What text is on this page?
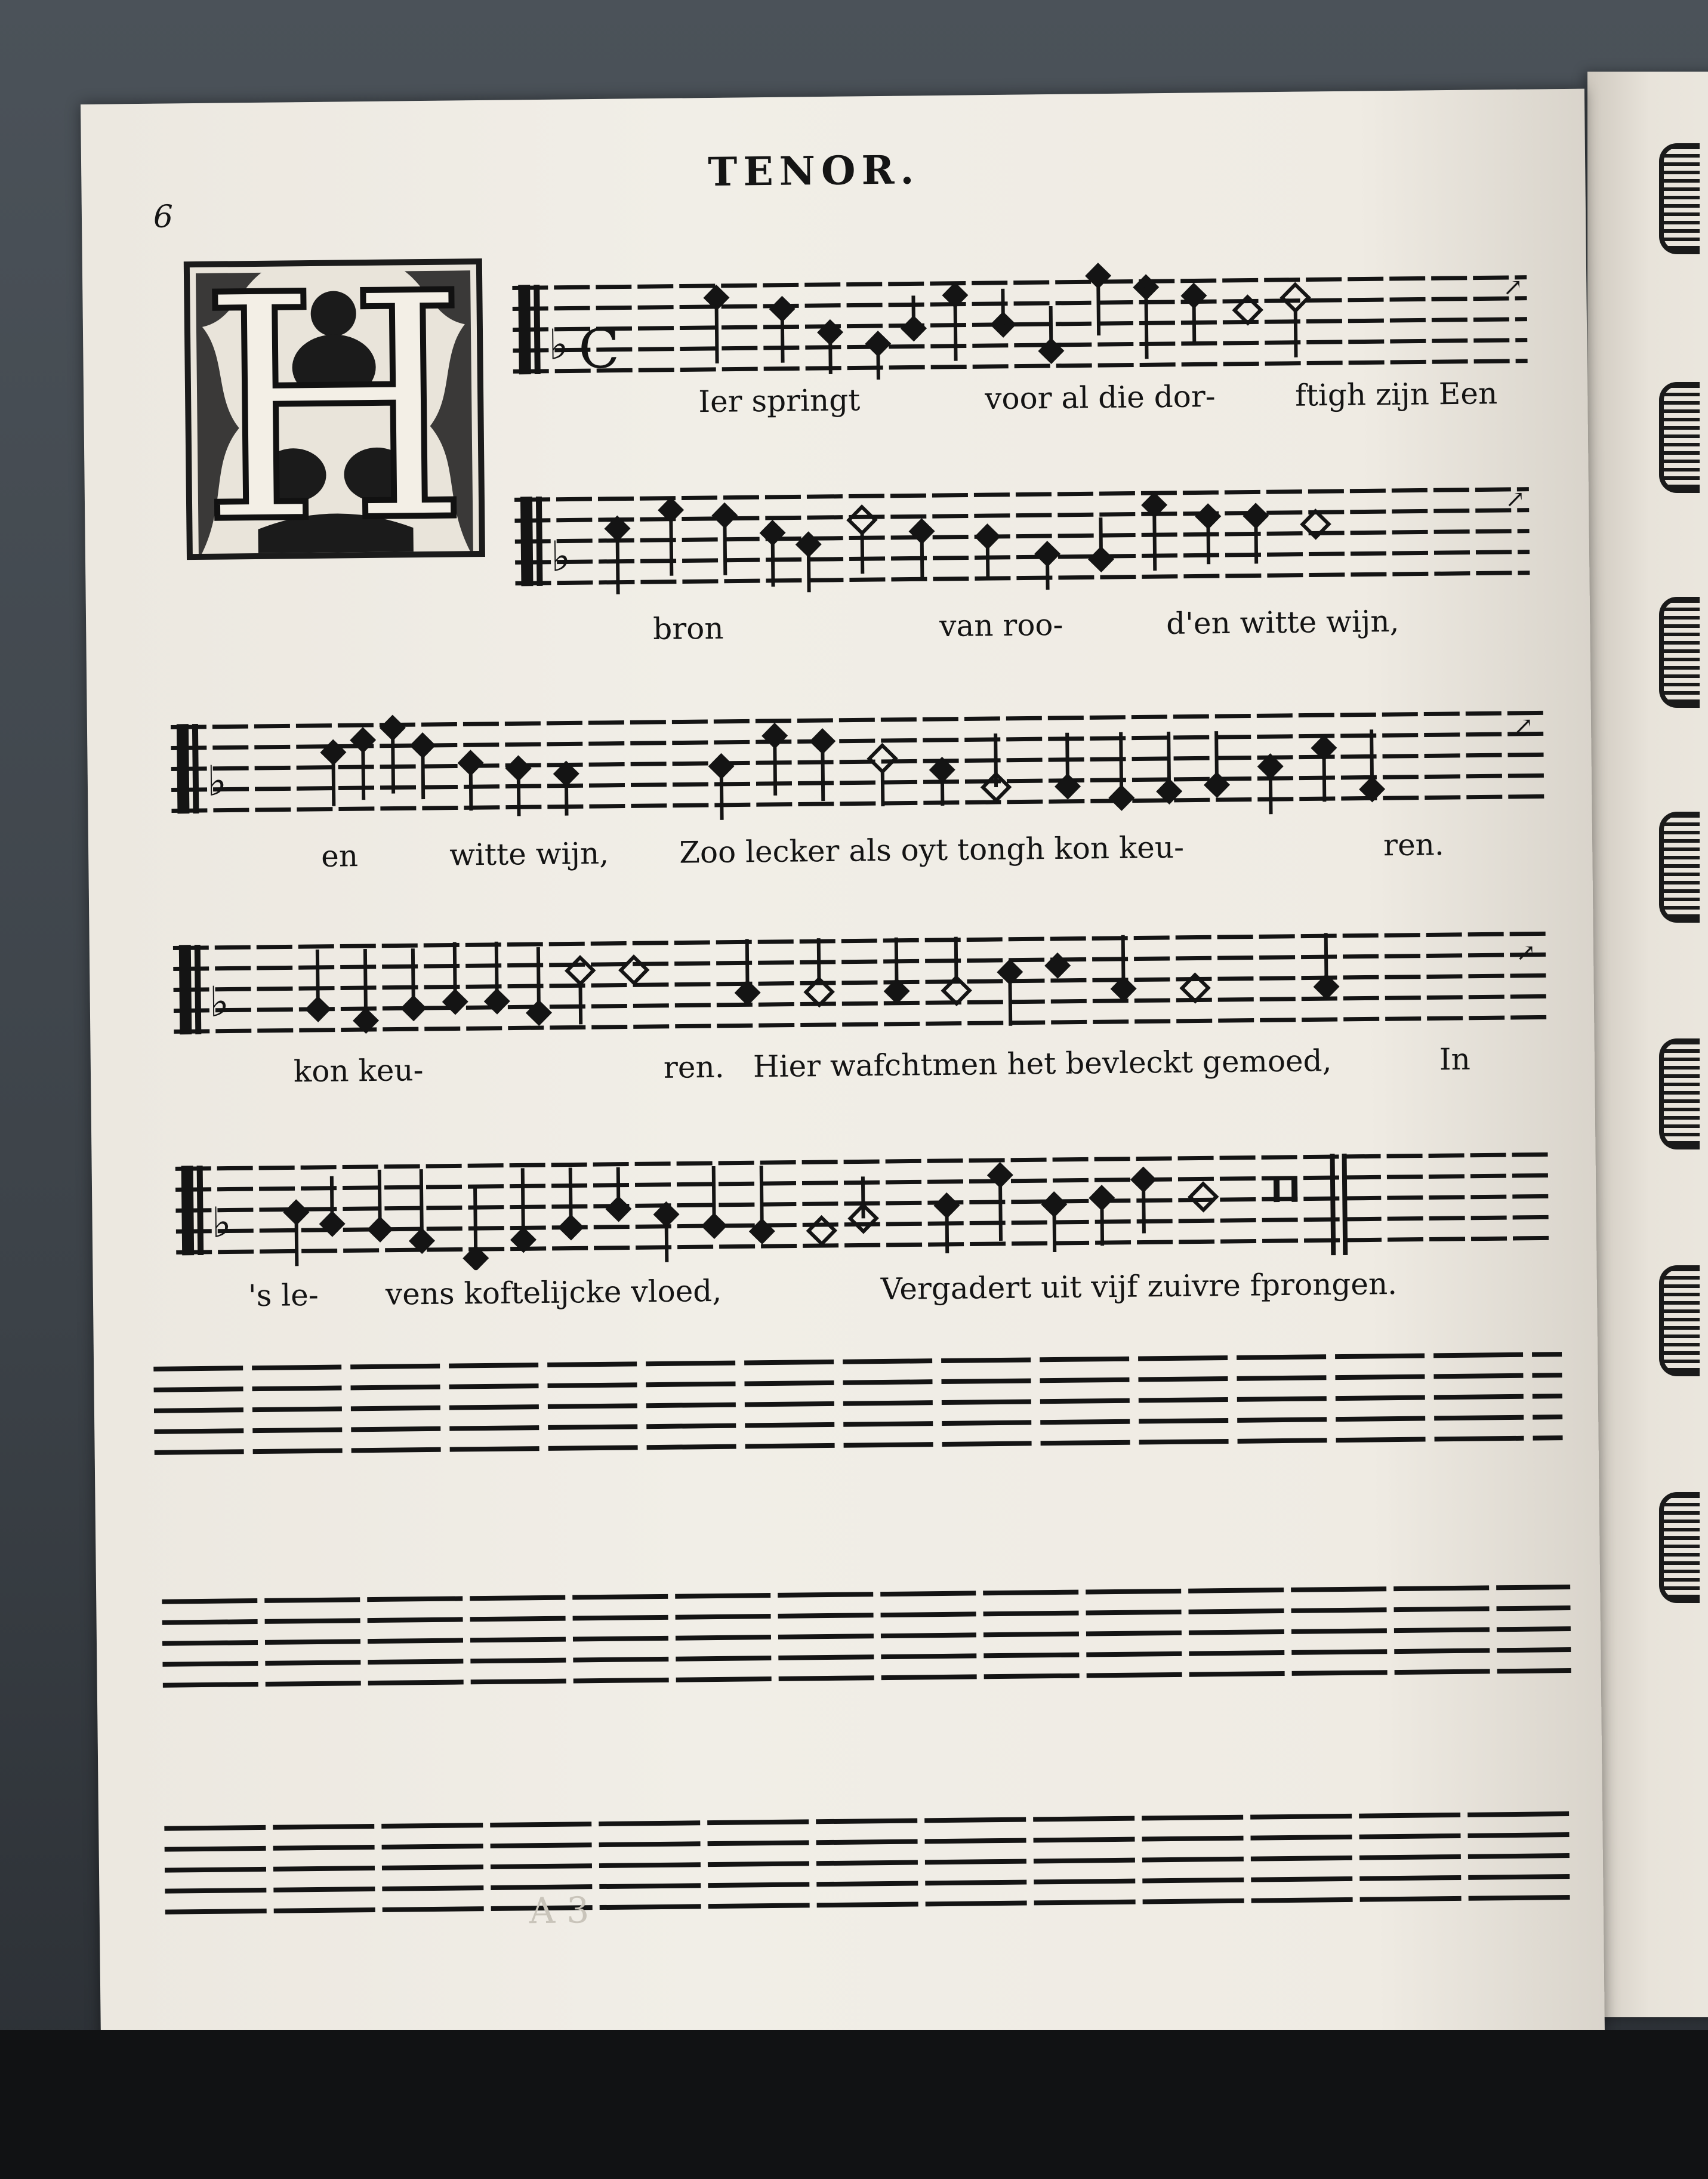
TENOR.
6
H	♭ C
↗
Ier springt	voor al die dor-	ftigh zijn Een
♭
↗
bron	van roo-	d'en witte wijn,
♭
↗
en	witte wijn, Zoo lecker als oyt tongh kon keu-	ren.
♭
↗
kon keu-	ren. Hier wafchtmen het bevleckt gemoed,	In
♭
's le- vens koftelijcke vloed,	Vergadert uit vijf zuivre fprongen.
A 3
